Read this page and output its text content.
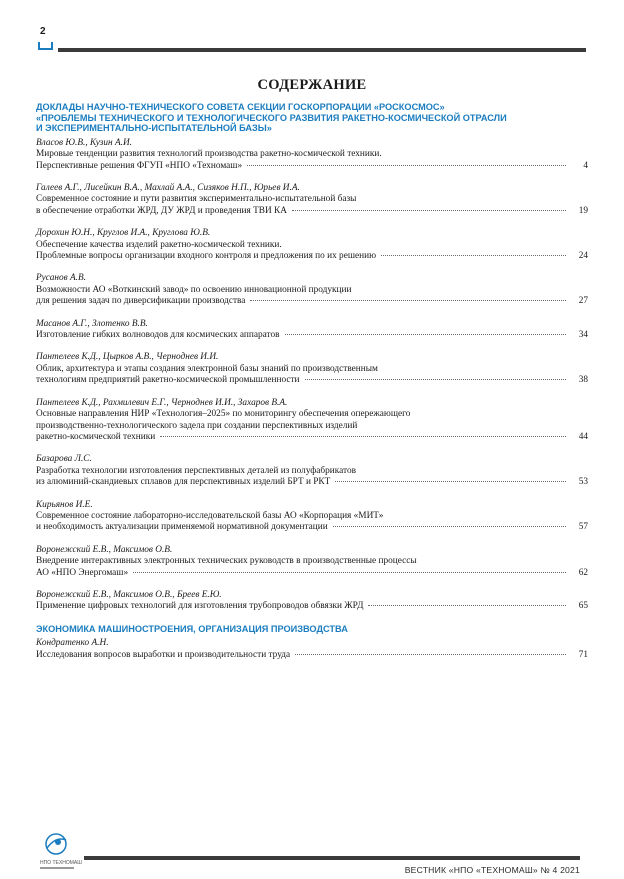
2
СОДЕРЖАНИЕ
ДОКЛАДЫ НАУЧНО-ТЕХНИЧЕСКОГО СОВЕТА СЕКЦИИ ГОСКОРПОРАЦИИ «РОСКОСМОС»
«ПРОБЛЕМЫ ТЕХНИЧЕСКОГО И ТЕХНОЛОГИЧЕСКОГО РАЗВИТИЯ РАКЕТНО-КОСМИЧЕСКОЙ ОТРАСЛИ
И ЭКСПЕРИМЕНТАЛЬНО-ИСПЫТАТЕЛЬНОЙ БАЗЫ»
Власов Ю.В., Кузин А.И.
Мировые тенденции развития технологий производства ракетно-космической техники.
Перспективные решения ФГУП «НПО «Техномаш»	4
Галеев А.Г., Лисейкин В.А., Махлай А.А., Сизяков Н.П., Юрьев И.А.
Современное состояние и пути развития экспериментально-испытательной базы
в обеспечение отработки ЖРД, ДУ ЖРД и проведения ТВИ КА	19
Дорохин Ю.Н., Круглов И.А., Круглова Ю.В.
Обеспечение качества изделий ракетно-космической техники.
Проблемные вопросы организации входного контроля и предложения по их решению	24
Русанов А.В.
Возможности АО «Воткинский завод» по освоению инновационной продукции
для решения задач по диверсификации производства	27
Масанов А.Г., Злотенко В.В.
Изготовление гибких волноводов для космических аппаратов	34
Пантелеев К.Д., Цырков А.В., Черноднев И.И.
Облик, архитектура и этапы создания электронной базы знаний по производственным
технологиям предприятий ракетно-космической промышленности	38
Пантелеев К.Д., Рахмилевич Е.Г., Черноднев И.И., Захаров В.А.
Основные направления НИР «Технология–2025» по мониторингу обеспечения опережающего
производственно-технологического задела при создании перспективных изделий
ракетно-космической техники	44
Базарова Л.С.
Разработка технологии изготовления перспективных деталей из полуфабрикатов
из алюминий-скандиевых сплавов для перспективных изделий БРТ и РКТ	53
Кирьянов И.Е.
Современное состояние лабораторно-исследовательской базы АО «Корпорация «МИТ»
и необходимость актуализации применяемой нормативной документации	57
Воронежский Е.В., Максимов О.В.
Внедрение интерактивных электронных технических руководств в производственные процессы
АО «НПО Энергомаш»	62
Воронежский Е.В., Максимов О.В., Бреев Е.Ю.
Применение цифровых технологий для изготовления трубопроводов обвязки ЖРД	65
ЭКОНОМИКА МАШИНОСТРОЕНИЯ, ОРГАНИЗАЦИЯ ПРОИЗВОДСТВА
Кондратенко А.Н.
Исследования вопросов выработки и производительности труда	71
НПО ТЕХНОМАШ
ВЕСТНИК «НПО «ТЕХНОМАШ» № 4 2021
